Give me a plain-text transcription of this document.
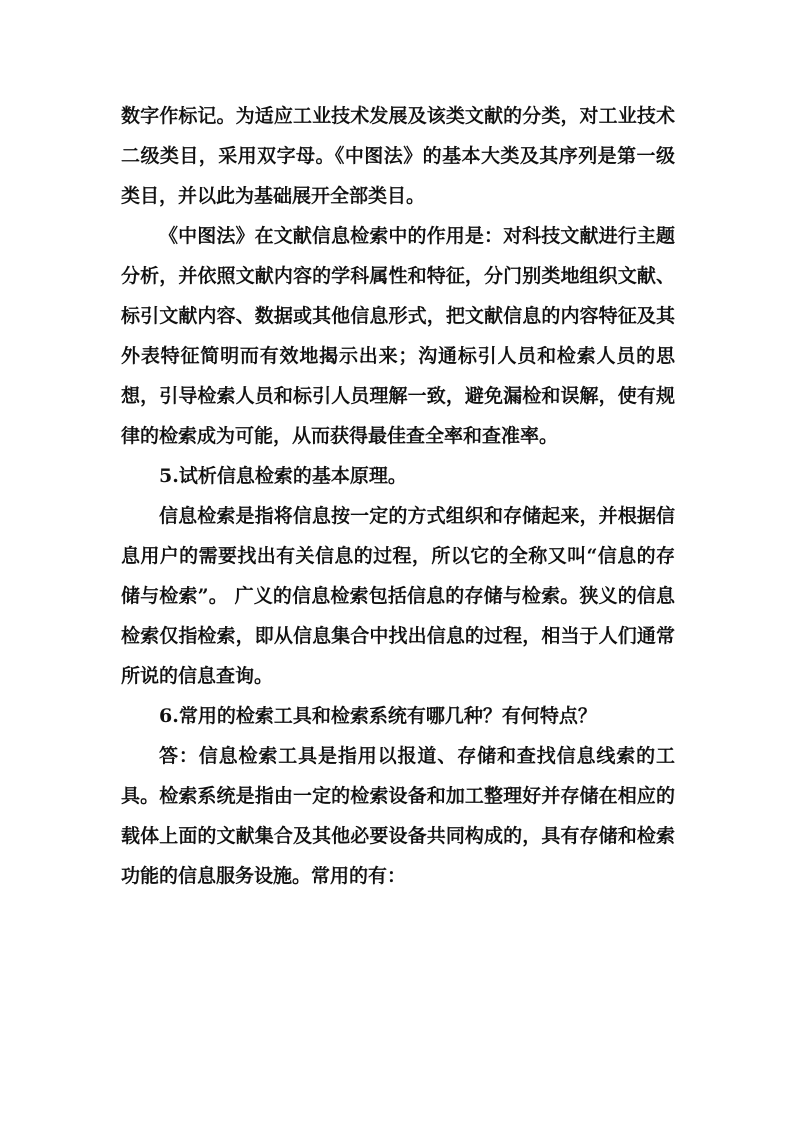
数字作标记。为适应工业技术发展及该类文献的分类，对工业技术二级类目，采用双字母。《中图法》的基本大类及其序列是第一级类目，并以此为基础展开全部类目。

《中图法》在文献信息检索中的作用是：对科技文献进行主题分析，并依照文献内容的学科属性和特征，分门别类地组织文献、标引文献内容、数据或其他信息形式，把文献信息的内容特征及其外表特征简明而有效地揭示出来；沟通标引人员和检索人员的思想，引导检索人员和标引人员理解一致，避免漏检和误解，使有规律的检索成为可能，从而获得最佳查全率和查准率。

5.试析信息检索的基本原理。

信息检索是指将信息按一定的方式组织和存储起来，并根据信息用户的需要找出有关信息的过程，所以它的全称又叫“信息的存储与检索”。 广义的信息检索包括信息的存储与检索。狭义的信息检索仅指检索，即从信息集合中找出信息的过程，相当于人们通常所说的信息查询。

6.常用的检索工具和检索系统有哪几种？有何特点？

答：信息检索工具是指用以报道、存储和查找信息线索的工具。检索系统是指由一定的检索设备和加工整理好并存储在相应的载体上面的文献集合及其他必要设备共同构成的，具有存储和检索功能的信息服务设施。常用的有：
